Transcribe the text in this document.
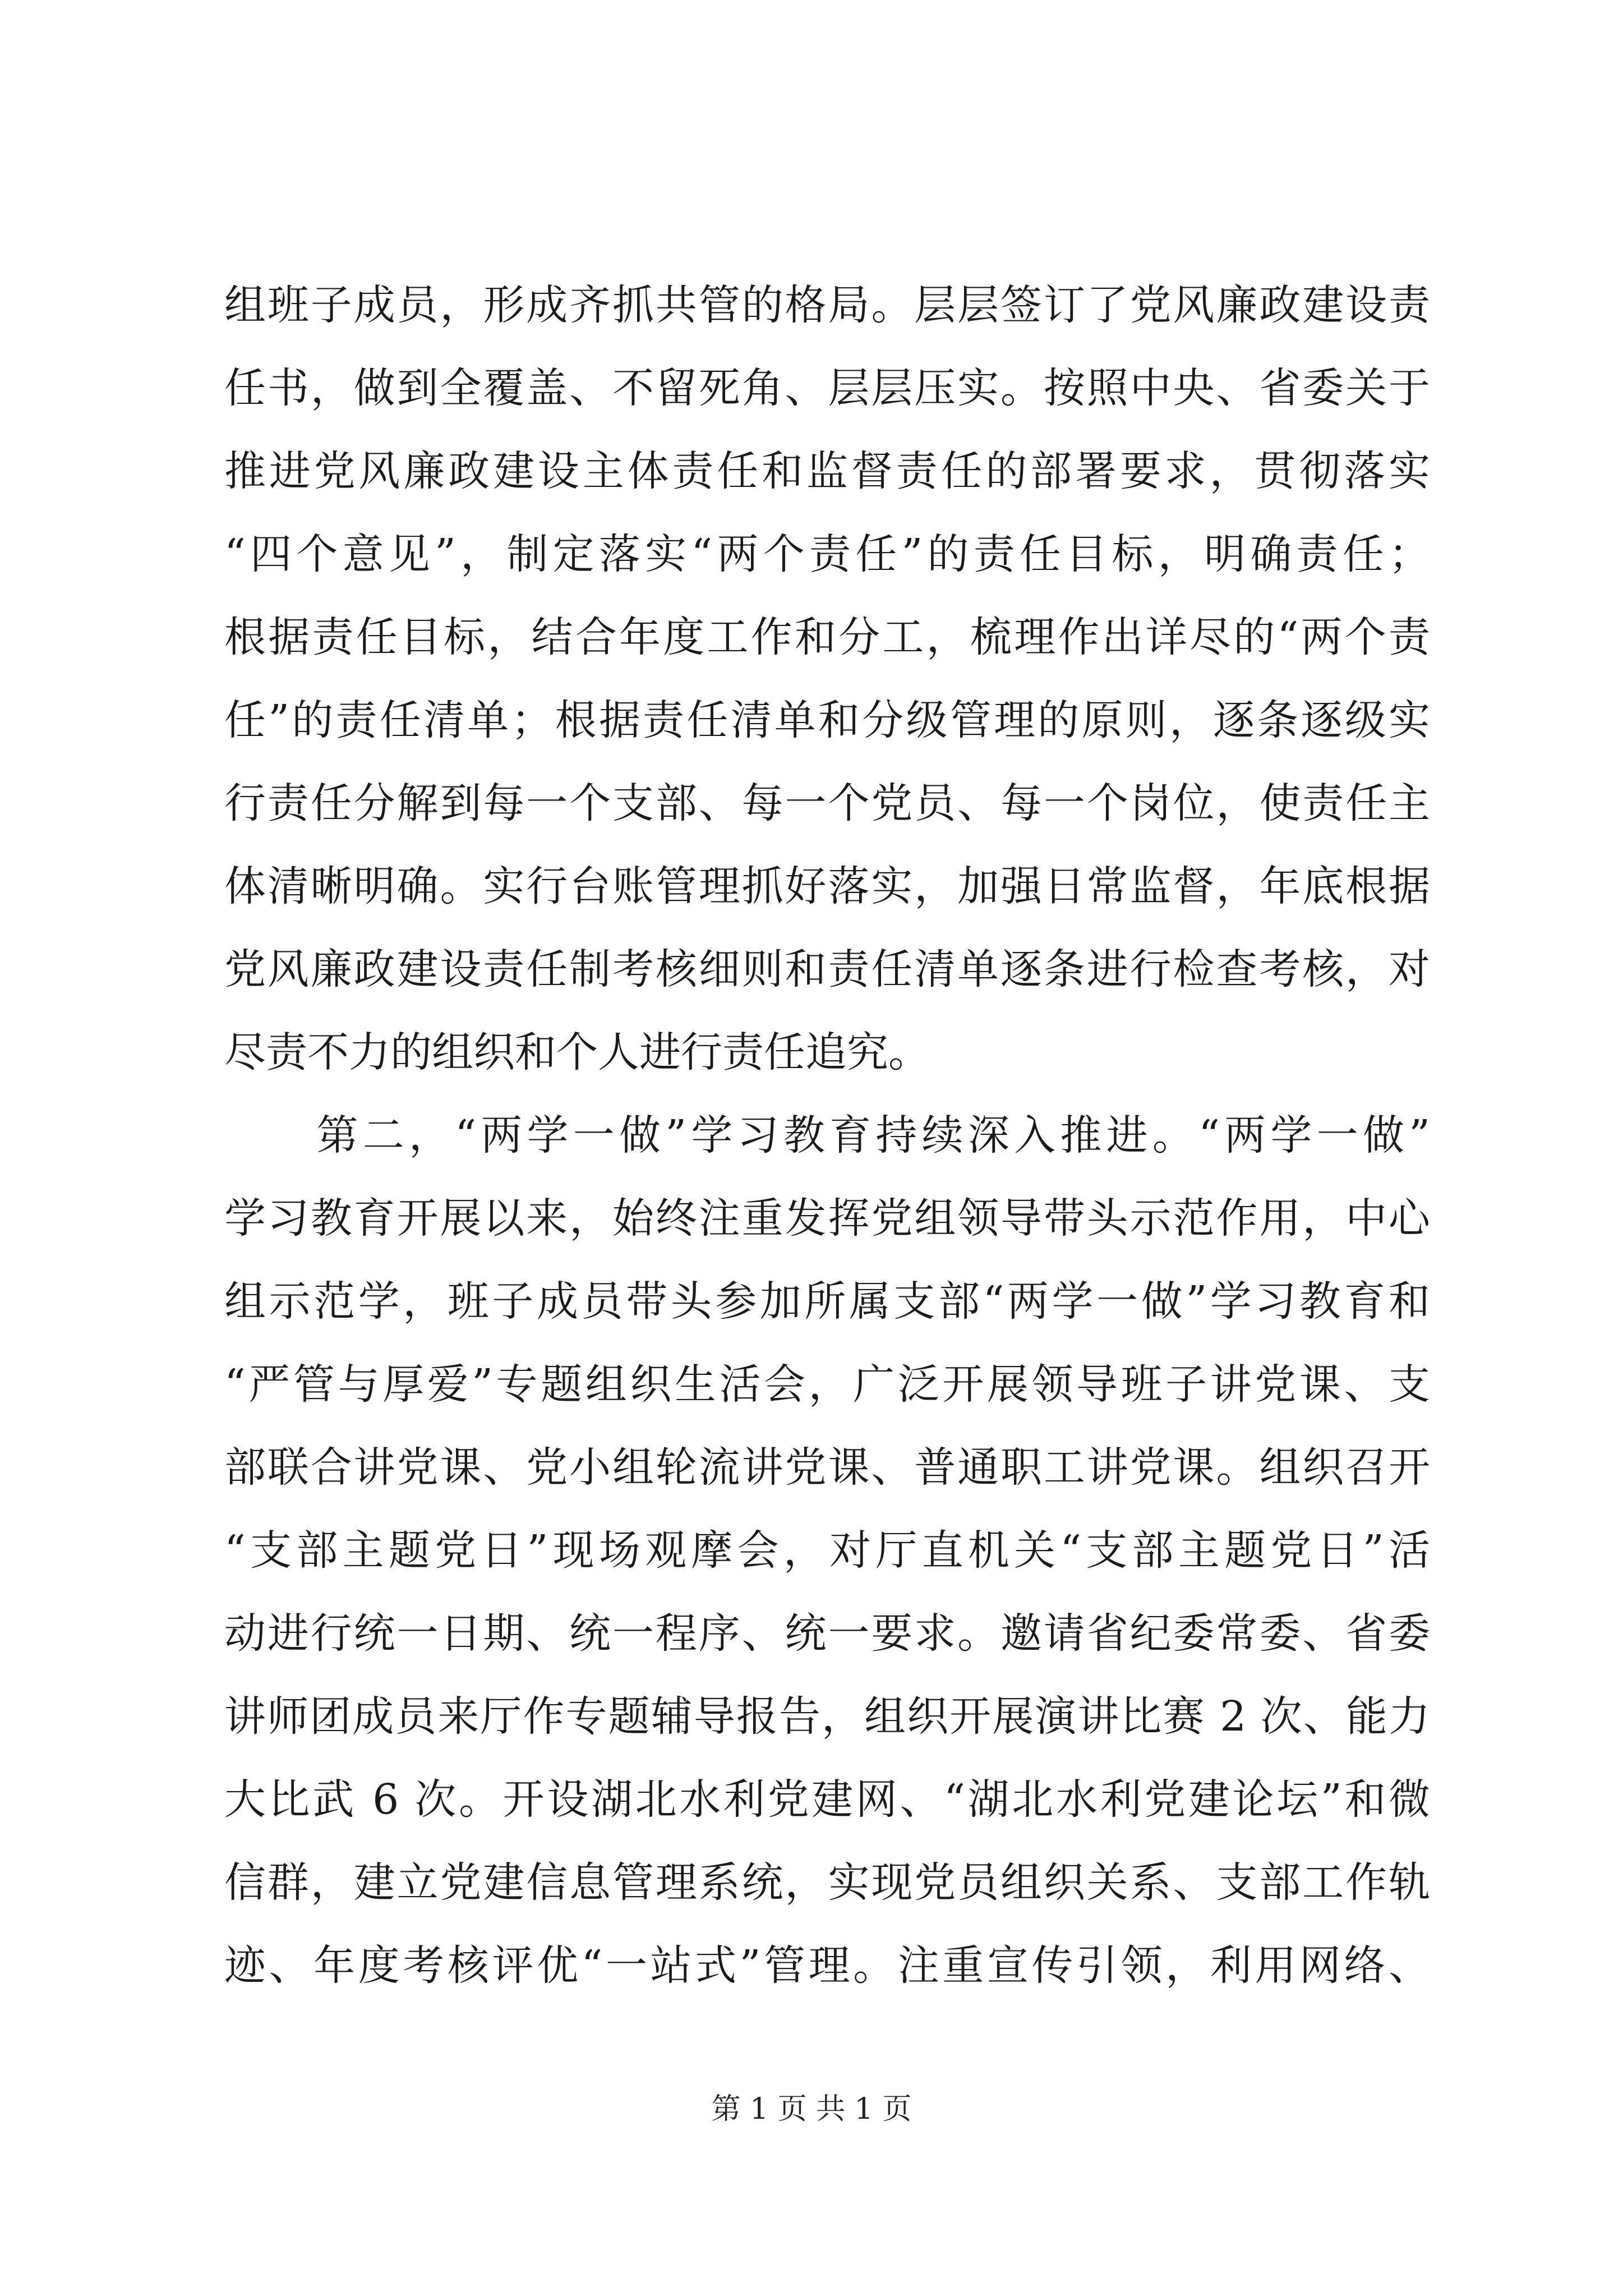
组班子成员，形成齐抓共管的格局。层层签订了党风廉政建设责
任书，做到全覆盖、不留死角、层层压实。按照中央、省委关于
推进党风廉政建设主体责任和监督责任的部署要求，贯彻落实
“四个意见”，制定落实“两个责任”的责任目标，明确责任；
根据责任目标，结合年度工作和分工，梳理作出详尽的“两个责
任”的责任清单；根据责任清单和分级管理的原则，逐条逐级实
行责任分解到每一个支部、每一个党员、每一个岗位，使责任主
体清晰明确。实行台账管理抓好落实，加强日常监督，年底根据
党风廉政建设责任制考核细则和责任清单逐条进行检查考核，对
尽责不力的组织和个人进行责任追究。
　　第二，“两学一做”学习教育持续深入推进。“两学一做”
学习教育开展以来，始终注重发挥党组领导带头示范作用，中心
组示范学，班子成员带头参加所属支部“两学一做”学习教育和
“严管与厚爱”专题组织生活会，广泛开展领导班子讲党课、支
部联合讲党课、党小组轮流讲党课、普通职工讲党课。组织召开
“支部主题党日”现场观摩会，对厅直机关“支部主题党日”活
动进行统一日期、统一程序、统一要求。邀请省纪委常委、省委
讲师团成员来厅作专题辅导报告，组织开展演讲比赛 2 次、能力
大比武 6 次。开设湖北水利党建网、“湖北水利党建论坛”和微
信群，建立党建信息管理系统，实现党员组织关系、支部工作轨
迹、年度考核评优“一站式”管理。注重宣传引领，利用网络、
第 1 页 共 1 页
